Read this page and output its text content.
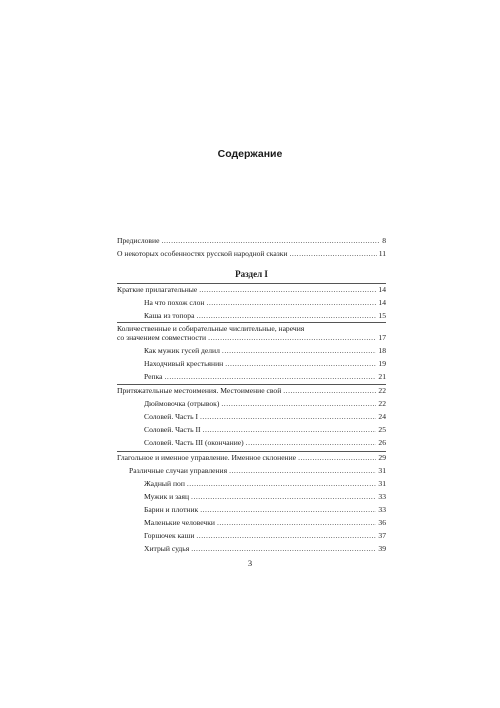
Содержание
Предисловие .....	8
О некоторых особенностях русской народной сказки .....	11
Раздел I
Краткие прилагательные .....	14
На что похож слон .....	14
Каша из топора .....	15
Количественные и собирательные числительные, наречия
со значением совместности .....	17
Как мужик гусей делил .....	18
Находчивый крестьянин .....	19
Репка .....	21
Притяжательные местоимения. Местоимение свой .....	22
Дюймовочка (отрывок) .....	22
Соловей. Часть I .....	24
Соловей. Часть II .....	25
Соловей. Часть III (окончание) .....	26
Глагольное и именное управление. Именное склонение .....	29
Различные случаи управления .....	31
Жадный поп .....	31
Мужик и заяц .....	33
Барин и плотник .....	33
Маленькие человечки .....	36
Горшочек каши .....	37
Хитрый судья .....	39
3
